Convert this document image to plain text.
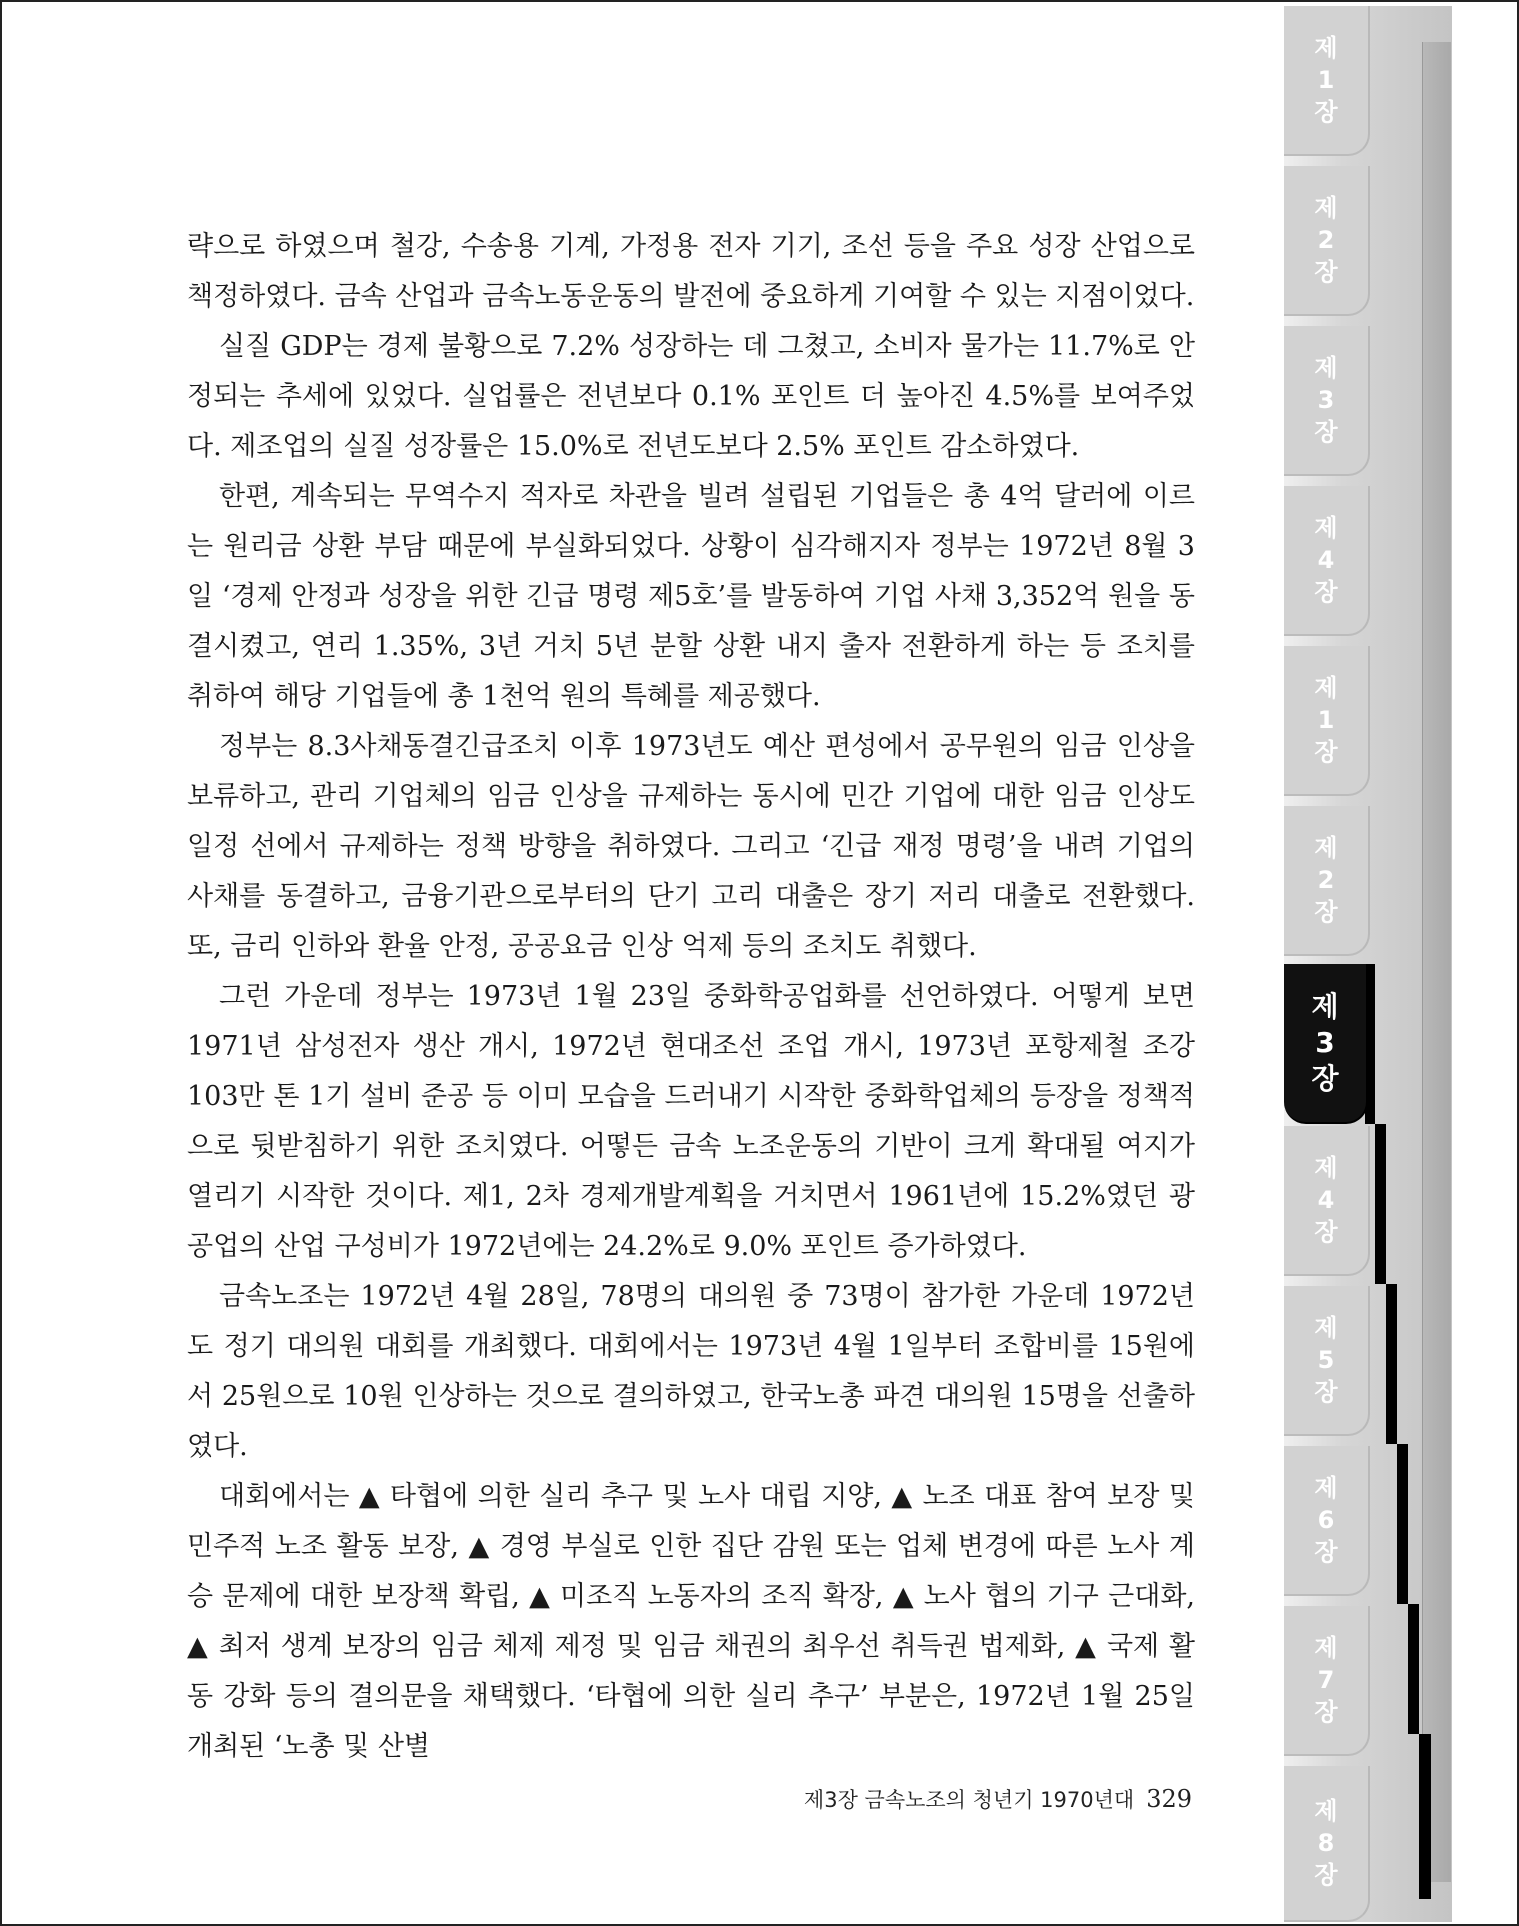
제
1
장
제
2
장
제
3
장
제
4
장
제
1
장
제
2
장
제
3
장
제
4
장
제
5
장
제
6
장
제
7
장
제
8
장

략으로 하였으며 철강, 수송용 기계, 가정용 전자 기기, 조선 등을 주요 성장 산업으로 책정하였다. 금속 산업과 금속노동운동의 발전에 중요하게 기여할 수 있는 지점이었다.

실질 GDP는 경제 불황으로 7.2% 성장하는 데 그쳤고, 소비자 물가는 11.7%로 안정되는 추세에 있었다. 실업률은 전년보다 0.1% 포인트 더 높아진 4.5%를 보여주었다. 제조업의 실질 성장률은 15.0%로 전년도보다 2.5% 포인트 감소하였다.

한편, 계속되는 무역수지 적자로 차관을 빌려 설립된 기업들은 총 4억 달러에 이르는 원리금 상환 부담 때문에 부실화되었다. 상황이 심각해지자 정부는 1972년 8월 3일 ‘경제 안정과 성장을 위한 긴급 명령 제5호’를 발동하여 기업 사채 3,352억 원을 동결시켰고, 연리 1.35%, 3년 거치 5년 분할 상환 내지 출자 전환하게 하는 등 조치를 취하여 해당 기업들에 총 1천억 원의 특혜를 제공했다.

정부는 8.3사채동결긴급조치 이후 1973년도 예산 편성에서 공무원의 임금 인상을 보류하고, 관리 기업체의 임금 인상을 규제하는 동시에 민간 기업에 대한 임금 인상도 일정 선에서 규제하는 정책 방향을 취하였다. 그리고 ‘긴급 재정 명령’을 내려 기업의 사채를 동결하고, 금융기관으로부터의 단기 고리 대출은 장기 저리 대출로 전환했다. 또, 금리 인하와 환율 안정, 공공요금 인상 억제 등의 조치도 취했다.

그런 가운데 정부는 1973년 1월 23일 중화학공업화를 선언하였다. 어떻게 보면 1971년 삼성전자 생산 개시, 1972년 현대조선 조업 개시, 1973년 포항제철 조강 103만 톤 1기 설비 준공 등 이미 모습을 드러내기 시작한 중화학업체의 등장을 정책적으로 뒷받침하기 위한 조치였다. 어떻든 금속 노조운동의 기반이 크게 확대될 여지가 열리기 시작한 것이다. 제1, 2차 경제개발계획을 거치면서 1961년에 15.2%였던 광공업의 산업 구성비가 1972년에는 24.2%로 9.0% 포인트 증가하였다.

금속노조는 1972년 4월 28일, 78명의 대의원 중 73명이 참가한 가운데 1972년도 정기 대의원 대회를 개최했다. 대회에서는 1973년 4월 1일부터 조합비를 15원에서 25원으로 10원 인상하는 것으로 결의하였고, 한국노총 파견 대의원 15명을 선출하였다.

대회에서는 ▲ 타협에 의한 실리 추구 및 노사 대립 지양, ▲ 노조 대표 참여 보장 및 민주적 노조 활동 보장, ▲ 경영 부실로 인한 집단 감원 또는 업체 변경에 따른 노사 계승 문제에 대한 보장책 확립, ▲ 미조직 노동자의 조직 확장, ▲ 노사 협의 기구 근대화, ▲ 최저 생계 보장의 임금 체제 제정 및 임금 채권의 최우선 취득권 법제화, ▲ 국제 활동 강화 등의 결의문을 채택했다. ‘타협에 의한 실리 추구’ 부분은, 1972년 1월 25일 개최된 ‘노총 및 산별

제3장 금속노조의 청년기 1970년대 329
